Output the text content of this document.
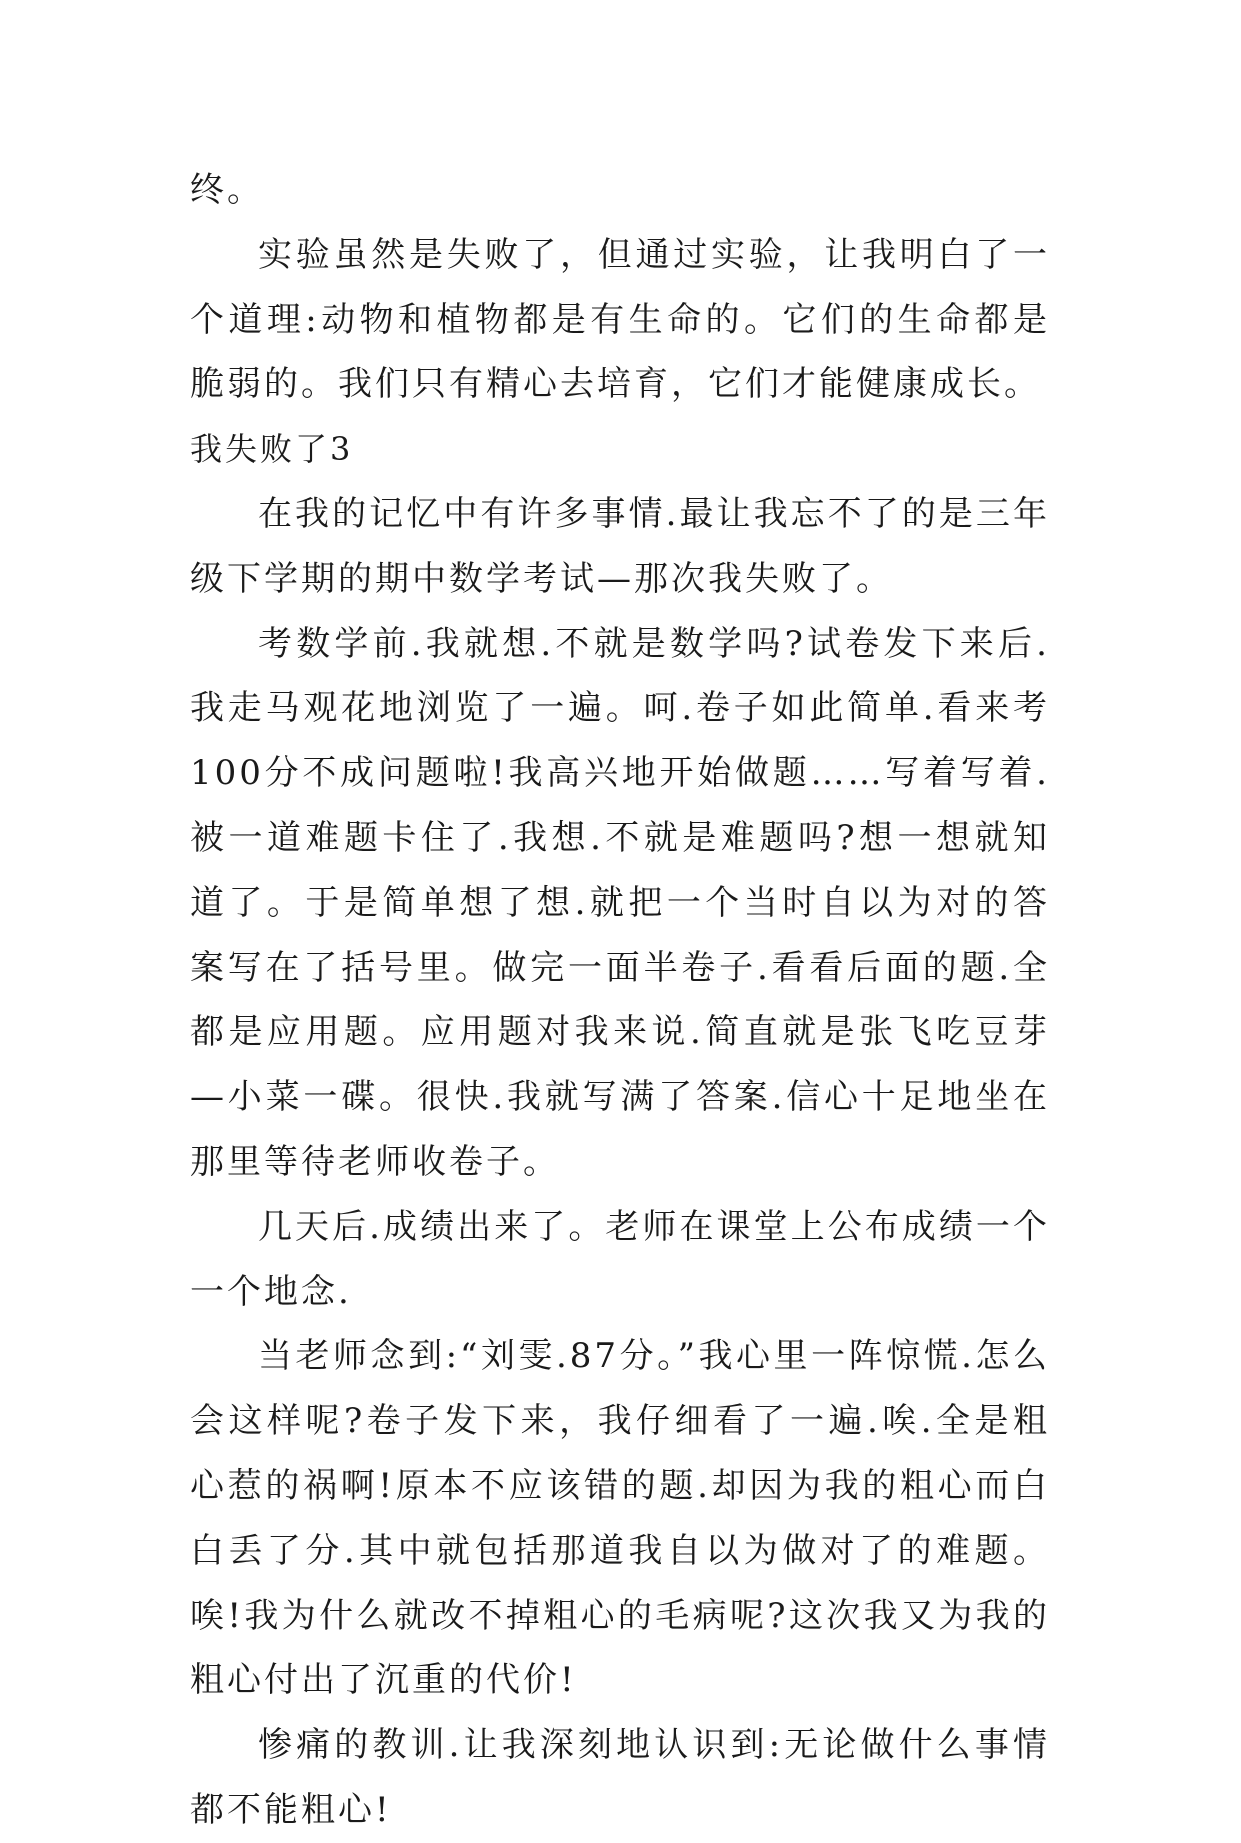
终。

实验虽然是失败了，但通过实验，让我明白了一个道理:动物和植物都是有生命的。它们的生命都是脆弱的。我们只有精心去培育，它们才能健康成长。

我失败了3

在我的记忆中有许多事情.最让我忘不了的是三年级下学期的期中数学考试—那次我失败了。

考数学前.我就想.不就是数学吗?试卷发下来后.我走马观花地浏览了一遍。呵.卷子如此简单.看来考100分不成问题啦!我高兴地开始做题……写着写着.被一道难题卡住了.我想.不就是难题吗?想一想就知道了。于是简单想了想.就把一个当时自以为对的答案写在了括号里。做完一面半卷子.看看后面的题.全都是应用题。应用题对我来说.简直就是张飞吃豆芽—小菜一碟。很快.我就写满了答案.信心十足地坐在那里等待老师收卷子。

几天后.成绩出来了。老师在课堂上公布成绩一个一个地念.

当老师念到:“刘雯.87分。”我心里一阵惊慌.怎么会这样呢?卷子发下来，我仔细看了一遍.唉.全是粗心惹的祸啊!原本不应该错的题.却因为我的粗心而白白丢了分.其中就包括那道我自以为做对了的难题。唉!我为什么就改不掉粗心的毛病呢?这次我又为我的粗心付出了沉重的代价!

惨痛的教训.让我深刻地认识到:无论做什么事情都不能粗心!
